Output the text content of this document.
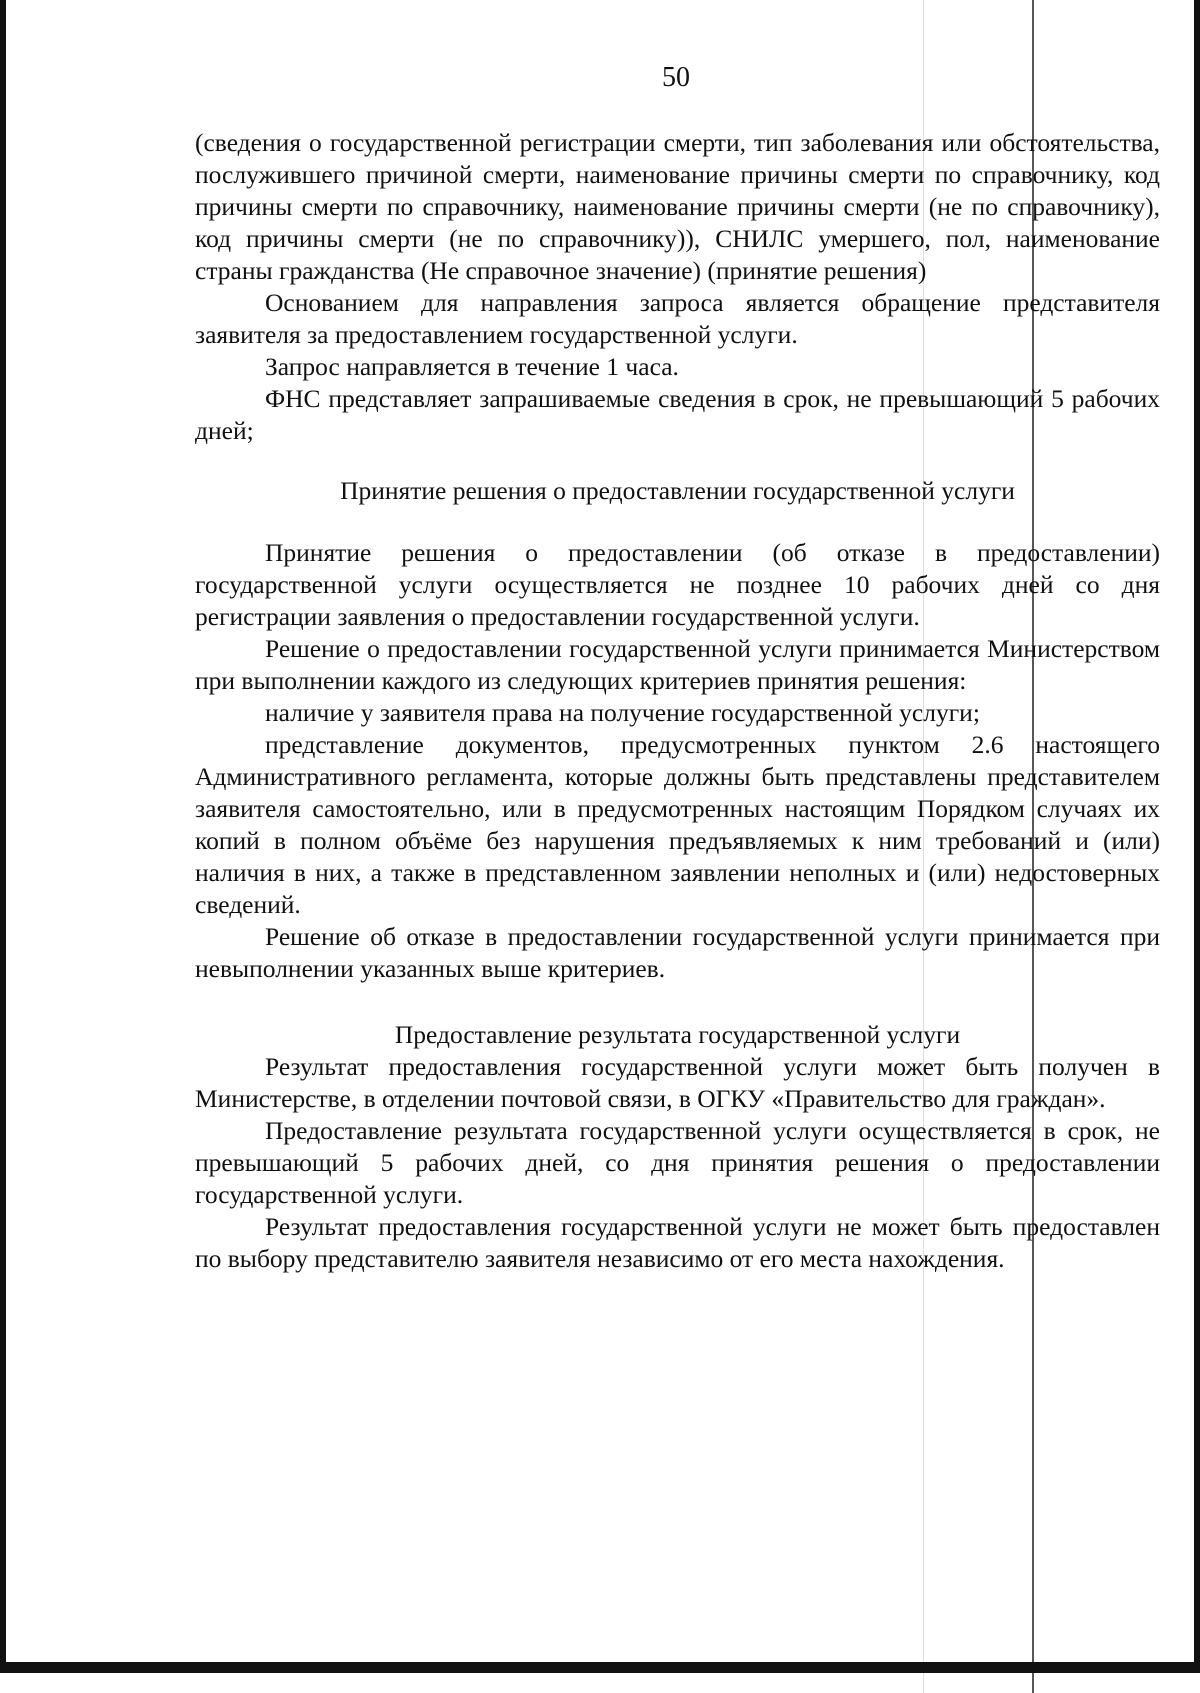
50

(сведения о государственной регистрации смерти, тип заболевания или обстоятельства, послужившего причиной смерти, наименование причины смерти по справочнику, код причины смерти по справочнику, наименование причины смерти (не по справочнику), код причины смерти (не по справочнику)), СНИЛС умершего, пол, наименование страны гражданства (Не справочное значение) (принятие решения)

Основанием для направления запроса является обращение представителя заявителя за предоставлением государственной услуги.

Запрос направляется в течение 1 часа.

ФНС представляет запрашиваемые сведения в срок, не превышающий 5 рабочих дней;

Принятие решения о предоставлении государственной услуги

Принятие решения о предоставлении (об отказе в предоставлении) государственной услуги осуществляется не позднее 10 рабочих дней со дня регистрации заявления о предоставлении государственной услуги.

Решение о предоставлении государственной услуги принимается Министерством при выполнении каждого из следующих критериев принятия решения:

наличие у заявителя права на получение государственной услуги;

представление документов, предусмотренных пунктом 2.6 настоящего Административного регламента, которые должны быть представлены представителем заявителя самостоятельно, или в предусмотренных настоящим Порядком случаях их копий в полном объёме без нарушения предъявляемых к ним требований и (или) наличия в них, а также в представленном заявлении неполных и (или) недостоверных сведений.

Решение об отказе в предоставлении государственной услуги принимается при невыполнении указанных выше критериев.

Предоставление результата государственной услуги

Результат предоставления государственной услуги может быть получен в Министерстве, в отделении почтовой связи, в ОГКУ «Правительство для граждан».

Предоставление результата государственной услуги осуществляется в срок, не превышающий 5 рабочих дней, со дня принятия решения о предоставлении государственной услуги.

Результат предоставления государственной услуги не может быть предоставлен по выбору представителю заявителя независимо от его места нахождения.
